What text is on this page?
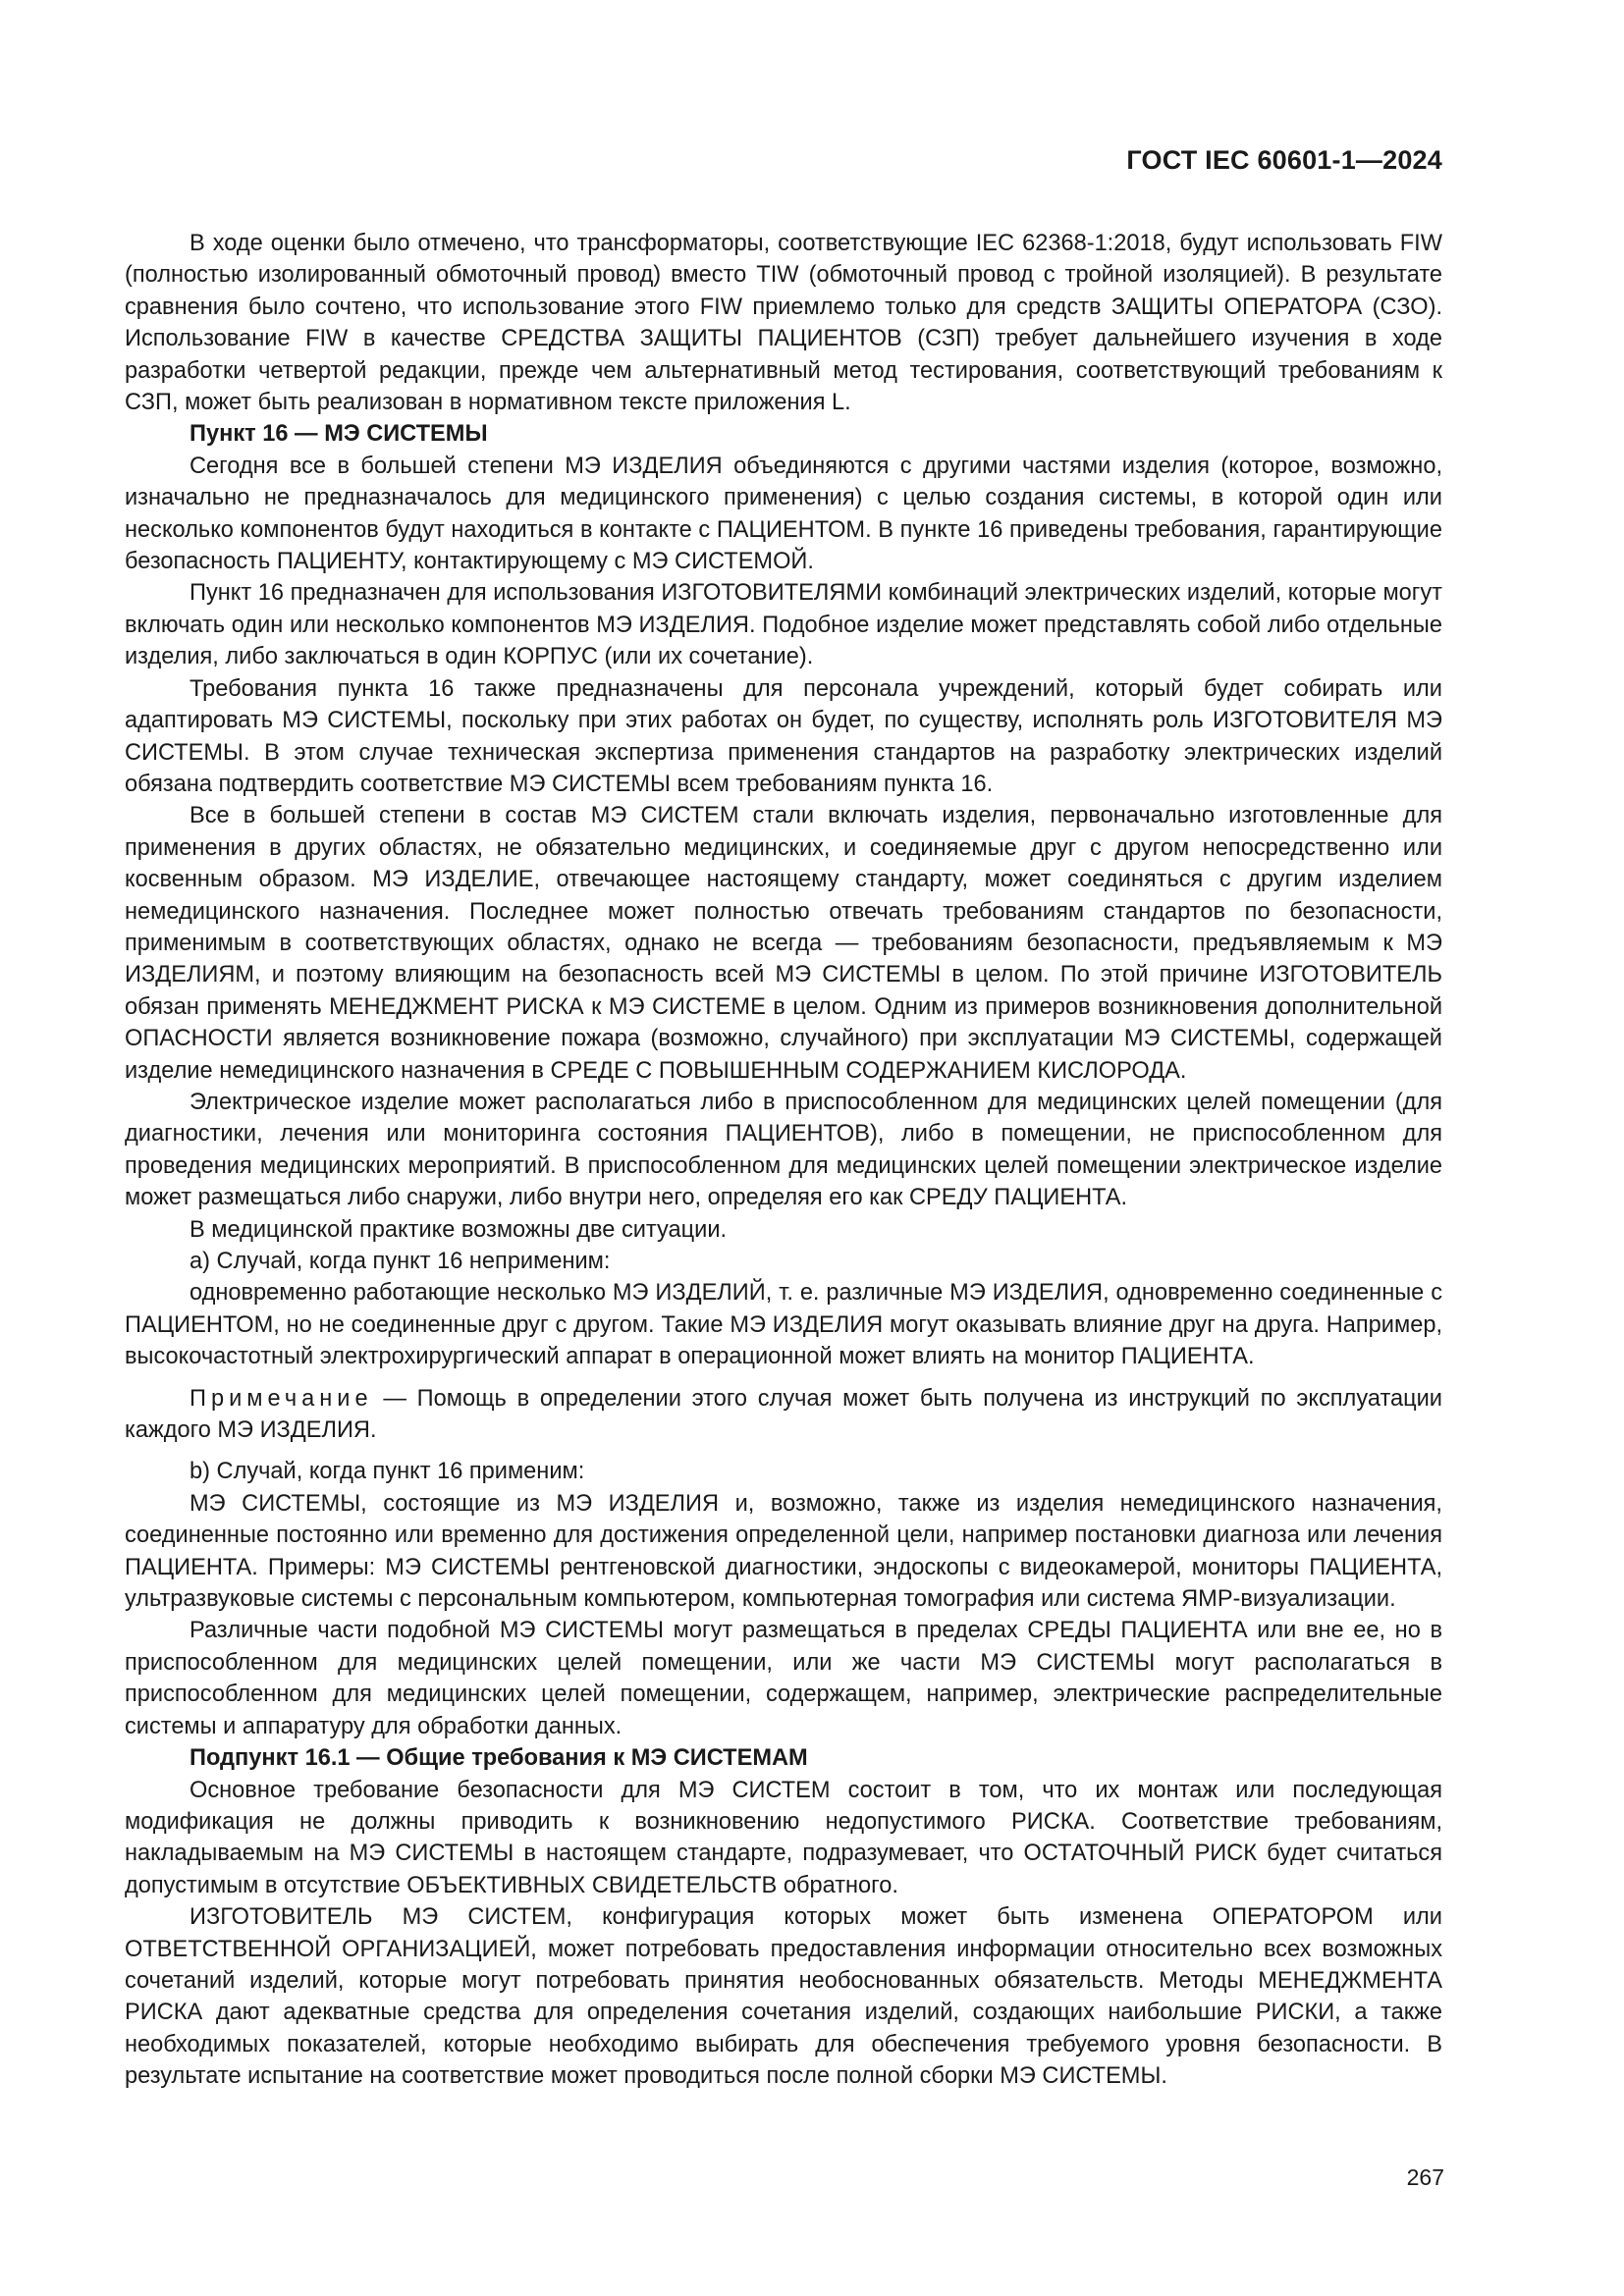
ГОСТ IEC 60601-1—2024

В ходе оценки было отмечено, что трансформаторы, соответствующие IEC 62368-1:2018, будут использовать FIW (полностью изолированный обмоточный провод) вместо TIW (обмоточный провод с тройной изоляцией). В результате сравнения было сочтено, что использование этого FIW приемлемо только для средств ЗАЩИТЫ ОПЕРАТОРА (СЗО). Использование FIW в качестве СРЕДСТВА ЗАЩИТЫ ПАЦИЕНТОВ (СЗП) требует дальнейшего изучения в ходе разработки четвертой редакции, прежде чем альтернативный метод тестирования, соответствующий требованиям к СЗП, может быть реализован в нормативном тексте приложения L.

Пункт 16 — МЭ СИСТЕМЫ

Сегодня все в большей степени МЭ ИЗДЕЛИЯ объединяются с другими частями изделия (которое, возможно, изначально не предназначалось для медицинского применения) с целью создания системы, в которой один или несколько компонентов будут находиться в контакте с ПАЦИЕНТОМ. В пункте 16 приведены требования, гарантирующие безопасность ПАЦИЕНТУ, контактирующему с МЭ СИСТЕМОЙ.

Пункт 16 предназначен для использования ИЗГОТОВИТЕЛЯМИ комбинаций электрических изделий, которые могут включать один или несколько компонентов МЭ ИЗДЕЛИЯ. Подобное изделие может представлять собой либо отдельные изделия, либо заключаться в один КОРПУС (или их сочетание).

Требования пункта 16 также предназначены для персонала учреждений, который будет собирать или адаптировать МЭ СИСТЕМЫ, поскольку при этих работах он будет, по существу, исполнять роль ИЗГОТОВИТЕЛЯ МЭ СИСТЕМЫ. В этом случае техническая экспертиза применения стандартов на разработку электрических изделий обязана подтвердить соответствие МЭ СИСТЕМЫ всем требованиям пункта 16.

Все в большей степени в состав МЭ СИСТЕМ стали включать изделия, первоначально изготовленные для применения в других областях, не обязательно медицинских, и соединяемые друг с другом непосредственно или косвенным образом. МЭ ИЗДЕЛИЕ, отвечающее настоящему стандарту, может соединяться с другим изделием немедицинского назначения. Последнее может полностью отвечать требованиям стандартов по безопасности, применимым в соответствующих областях, однако не всегда — требованиям безопасности, предъявляемым к МЭ ИЗДЕЛИЯМ, и поэтому влияющим на безопасность всей МЭ СИСТЕМЫ в целом. По этой причине ИЗГОТОВИТЕЛЬ обязан применять МЕНЕДЖМЕНТ РИСКА к МЭ СИСТЕМЕ в целом. Одним из примеров возникновения дополнительной ОПАСНОСТИ является возникновение пожара (возможно, случайного) при эксплуатации МЭ СИСТЕМЫ, содержащей изделие немедицинского назначения в СРЕДЕ С ПОВЫШЕННЫМ СОДЕРЖАНИЕМ КИСЛОРОДА.

Электрическое изделие может располагаться либо в приспособленном для медицинских целей помещении (для диагностики, лечения или мониторинга состояния ПАЦИЕНТОВ), либо в помещении, не приспособленном для проведения медицинских мероприятий. В приспособленном для медицинских целей помещении электрическое изделие может размещаться либо снаружи, либо внутри него, определяя его как СРЕДУ ПАЦИЕНТА.

В медицинской практике возможны две ситуации.

a) Случай, когда пункт 16 неприменим:

одновременно работающие несколько МЭ ИЗДЕЛИЙ, т. е. различные МЭ ИЗДЕЛИЯ, одновременно соединенные с ПАЦИЕНТОМ, но не соединенные друг с другом. Такие МЭ ИЗДЕЛИЯ могут оказывать влияние друг на друга. Например, высокочастотный электрохирургический аппарат в операционной может влиять на монитор ПАЦИЕНТА.

Примечание — Помощь в определении этого случая может быть получена из инструкций по эксплуатации каждого МЭ ИЗДЕЛИЯ.

b) Случай, когда пункт 16 применим:

МЭ СИСТЕМЫ, состоящие из МЭ ИЗДЕЛИЯ и, возможно, также из изделия немедицинского назначения, соединенные постоянно или временно для достижения определенной цели, например постановки диагноза или лечения ПАЦИЕНТА. Примеры: МЭ СИСТЕМЫ рентгеновской диагностики, эндоскопы с видеокамерой, мониторы ПАЦИЕНТА, ультразвуковые системы с персональным компьютером, компьютерная томография или система ЯМР-визуализации.

Различные части подобной МЭ СИСТЕМЫ могут размещаться в пределах СРЕДЫ ПАЦИЕНТА или вне ее, но в приспособленном для медицинских целей помещении, или же части МЭ СИСТЕМЫ могут располагаться в приспособленном для медицинских целей помещении, содержащем, например, электрические распределительные системы и аппаратуру для обработки данных.

Подпункт 16.1 — Общие требования к МЭ СИСТЕМАМ

Основное требование безопасности для МЭ СИСТЕМ состоит в том, что их монтаж или последующая модификация не должны приводить к возникновению недопустимого РИСКА. Соответствие требованиям, накладываемым на МЭ СИСТЕМЫ в настоящем стандарте, подразумевает, что ОСТАТОЧНЫЙ РИСК будет считаться допустимым в отсутствие ОБЪЕКТИВНЫХ СВИДЕТЕЛЬСТВ обратного.

ИЗГОТОВИТЕЛЬ МЭ СИСТЕМ, конфигурация которых может быть изменена ОПЕРАТОРОМ или ОТВЕТСТВЕННОЙ ОРГАНИЗАЦИЕЙ, может потребовать предоставления информации относительно всех возможных сочетаний изделий, которые могут потребовать принятия необоснованных обязательств. Методы МЕНЕДЖМЕНТА РИСКА дают адекватные средства для определения сочетания изделий, создающих наибольшие РИСКИ, а также необходимых показателей, которые необходимо выбирать для обеспечения требуемого уровня безопасности. В результате испытание на соответствие может проводиться после полной сборки МЭ СИСТЕМЫ.

267
